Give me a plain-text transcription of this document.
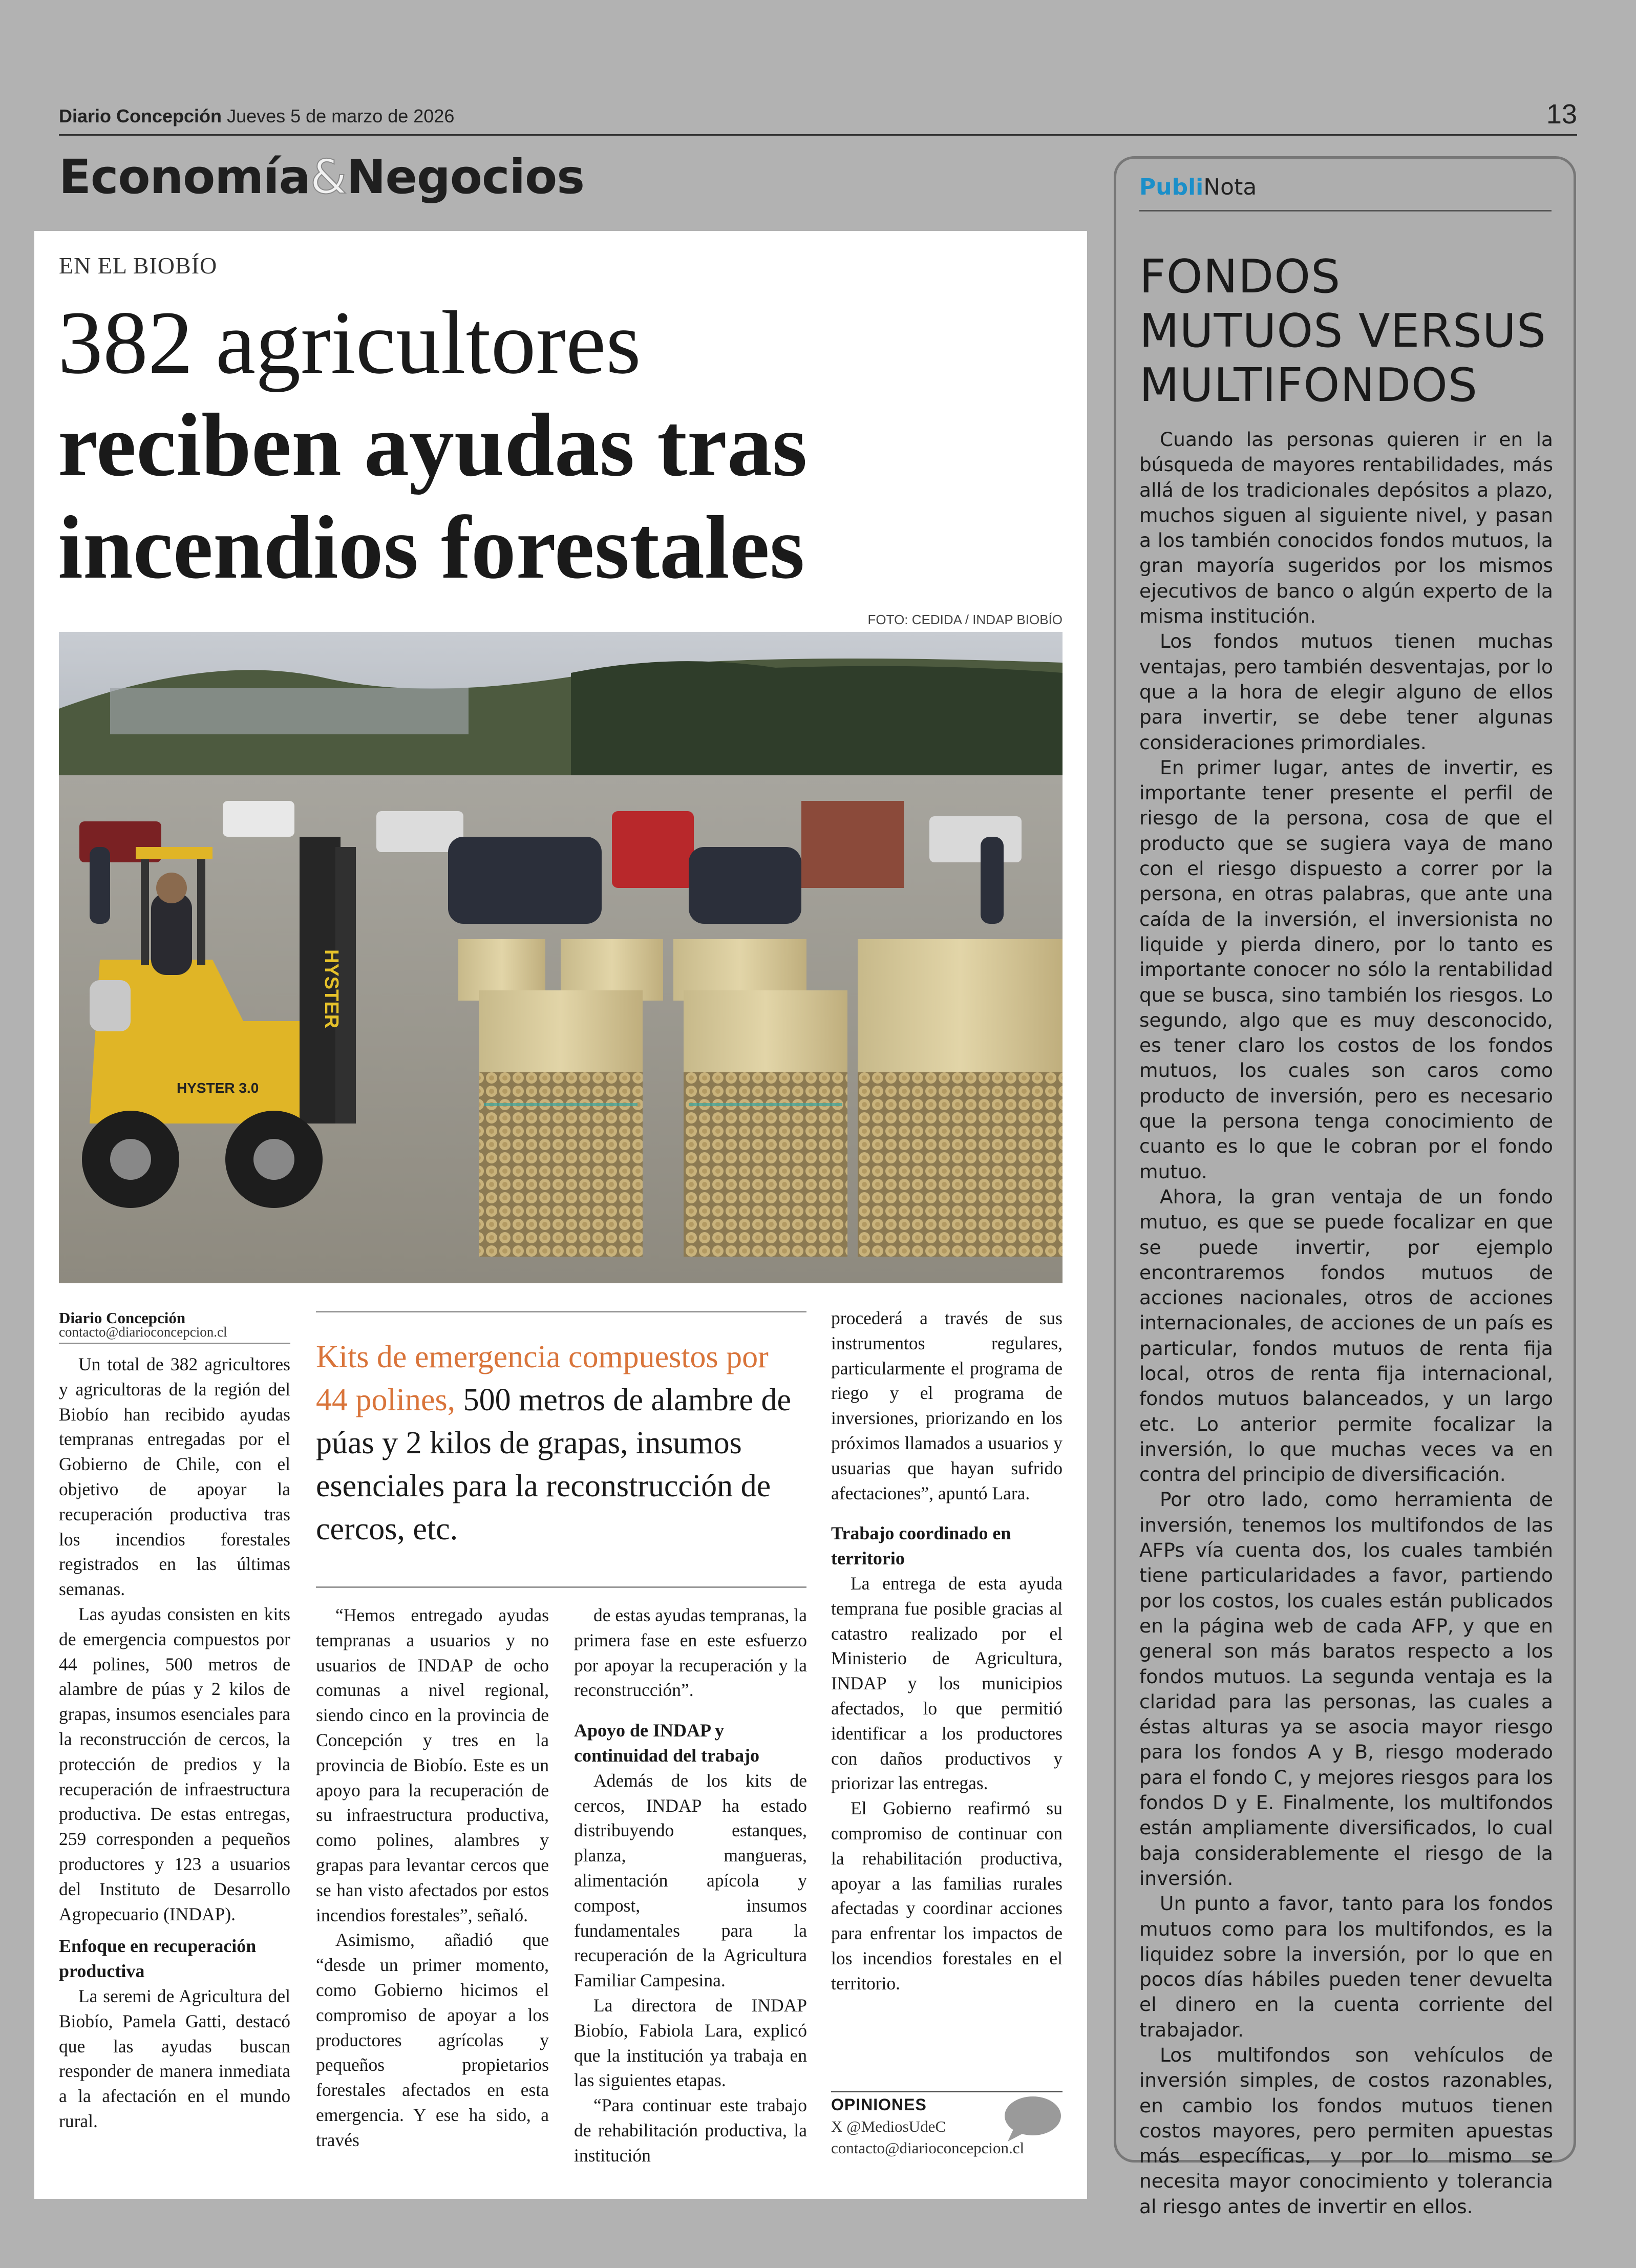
Diario Concepción Jueves 5 de marzo de 2026	13
Economía&Negocios
EN EL BIOBÍO
382 agricultores
reciben ayudas tras
incendios forestales
FOTO: CEDIDA / INDAP BIOBÍO
HYSTER
HYSTER 3.0
Diario Concepción
contacto@diarioconcepcion.cl

Un total de 382 agricultores y agricultoras de la región del Biobío han recibido ayudas tempranas entregadas por el Gobierno de Chile, con el objetivo de apoyar la recuperación productiva tras los incendios forestales registrados en las últimas semanas.

Las ayudas consisten en kits de emergencia compuestos por 44 polines, 500 metros de alambre de púas y 2 kilos de grapas, insumos esenciales para la reconstrucción de cercos, la protección de predios y la recuperación de infraestructura productiva. De estas entregas, 259 corresponden a pequeños productores y 123 a usuarios del Instituto de Desarrollo Agropecuario (INDAP).

Enfoque en recuperación productiva

La seremi de Agricultura del Biobío, Pamela Gatti, destacó que las ayudas buscan responder de manera inmediata a la afectación en el mundo rural.

Kits de emergencia compuestos por 44 polines, 500 metros de alambre de púas y 2 kilos de grapas, insumos esenciales para la reconstrucción de cercos, etc.

“Hemos entregado ayudas tempranas a usuarios y no usuarios de INDAP de ocho comunas a nivel regional, siendo cinco en la provincia de Concepción y tres en la provincia de Biobío. Este es un apoyo para la recuperación de su infraestructura productiva, como polines, alambres y grapas para levantar cercos que se han visto afectados por estos incendios forestales”, señaló.

Asimismo, añadió que “desde un primer momento, como Gobierno hicimos el compromiso de apoyar a los productores agrícolas y pequeños propietarios forestales afectados en esta emergencia. Y ese ha sido, a través

de estas ayudas tempranas, la primera fase en este esfuerzo por apoyar la recuperación y la reconstrucción”.

Apoyo de INDAP y continuidad del trabajo

Además de los kits de cercos, INDAP ha estado distribuyendo estanques, planza, mangueras, alimentación apícola y compost, insumos fundamentales para la recuperación de la Agricultura Familiar Campesina.

La directora de INDAP Biobío, Fabiola Lara, explicó que la institución ya trabaja en las siguientes etapas.

“Para continuar este trabajo de rehabilitación productiva, la institución

procederá a través de sus instrumentos regulares, particularmente el programa de riego y el programa de inversiones, priorizando en los próximos llamados a usuarios y usuarias que hayan sufrido afectaciones”, apuntó Lara.

Trabajo coordinado en territorio

La entrega de esta ayuda temprana fue posible gracias al catastro realizado por el Ministerio de Agricultura, INDAP y los municipios afectados, lo que permitió identificar a los productores con daños productivos y priorizar las entregas.

El Gobierno reafirmó su compromiso de continuar con la rehabilitación productiva, apoyar a las familias rurales afectadas y coordinar acciones para enfrentar los impactos de los incendios forestales en el territorio.

OPINIONES
X @MediosUdeC
contacto@diarioconcepcion.cl
PubliNota
FONDOS
MUTUOS VERSUS
MULTIFONDOS

Cuando las personas quieren ir en la búsqueda de mayores rentabilidades, más allá de los tradicionales depósitos a plazo, muchos siguen al siguiente nivel, y pasan a los también conocidos fondos mutuos, la gran mayoría sugeridos por los mismos ejecutivos de banco o algún experto de la misma institución.

Los fondos mutuos tienen muchas ventajas, pero también desventajas, por lo que a la hora de elegir alguno de ellos para invertir, se debe tener algunas consideraciones primordiales.

En primer lugar, antes de invertir, es importante tener presente el perfil de riesgo de la persona, cosa de que el producto que se sugiera vaya de mano con el riesgo dispuesto a correr por la persona, en otras palabras, que ante una caída de la inversión, el inversionista no liquide y pierda dinero, por lo tanto es importante conocer no sólo la rentabilidad que se busca, sino también los riesgos. Lo segundo, algo que es muy desconocido, es tener claro los costos de los fondos mutuos, los cuales son caros como producto de inversión, pero es necesario que la persona tenga conocimiento de cuanto es lo que le cobran por el fondo mutuo.

Ahora, la gran ventaja de un fondo mutuo, es que se puede focalizar en que se puede invertir, por ejemplo encontraremos fondos mutuos de acciones nacionales, otros de acciones internacionales, de acciones de un país es particular, fondos mutuos de renta fija local, otros de renta fija internacional, fondos mutuos balanceados, y un largo etc. Lo anterior permite focalizar la inversión, lo que muchas veces va en contra del principio de diversificación.

Por otro lado, como herramienta de inversión, tenemos los multifondos de las AFPs vía cuenta dos, los cuales también tiene particularidades a favor, partiendo por los costos, los cuales están publicados en la página web de cada AFP, y que en general son más baratos respecto a los fondos mutuos. La segunda ventaja es la claridad para las personas, las cuales a éstas alturas ya se asocia mayor riesgo para los fondos A y B, riesgo moderado para el fondo C, y mejores riesgos para los fondos D y E. Finalmente, los multifondos están ampliamente diversificados, lo cual baja considerablemente el riesgo de la inversión.

Un punto a favor, tanto para los fondos mutuos como para los multifondos, es la liquidez sobre la inversión, por lo que en pocos días hábiles pueden tener devuelta el dinero en la cuenta corriente del trabajador.

Los multifondos son vehículos de inversión simples, de costos razonables, en cambio los fondos mutuos tienen costos mayores, pero permiten apuestas más específicas, y por lo mismo se necesita mayor conocimiento y tolerancia al riesgo antes de invertir en ellos.
